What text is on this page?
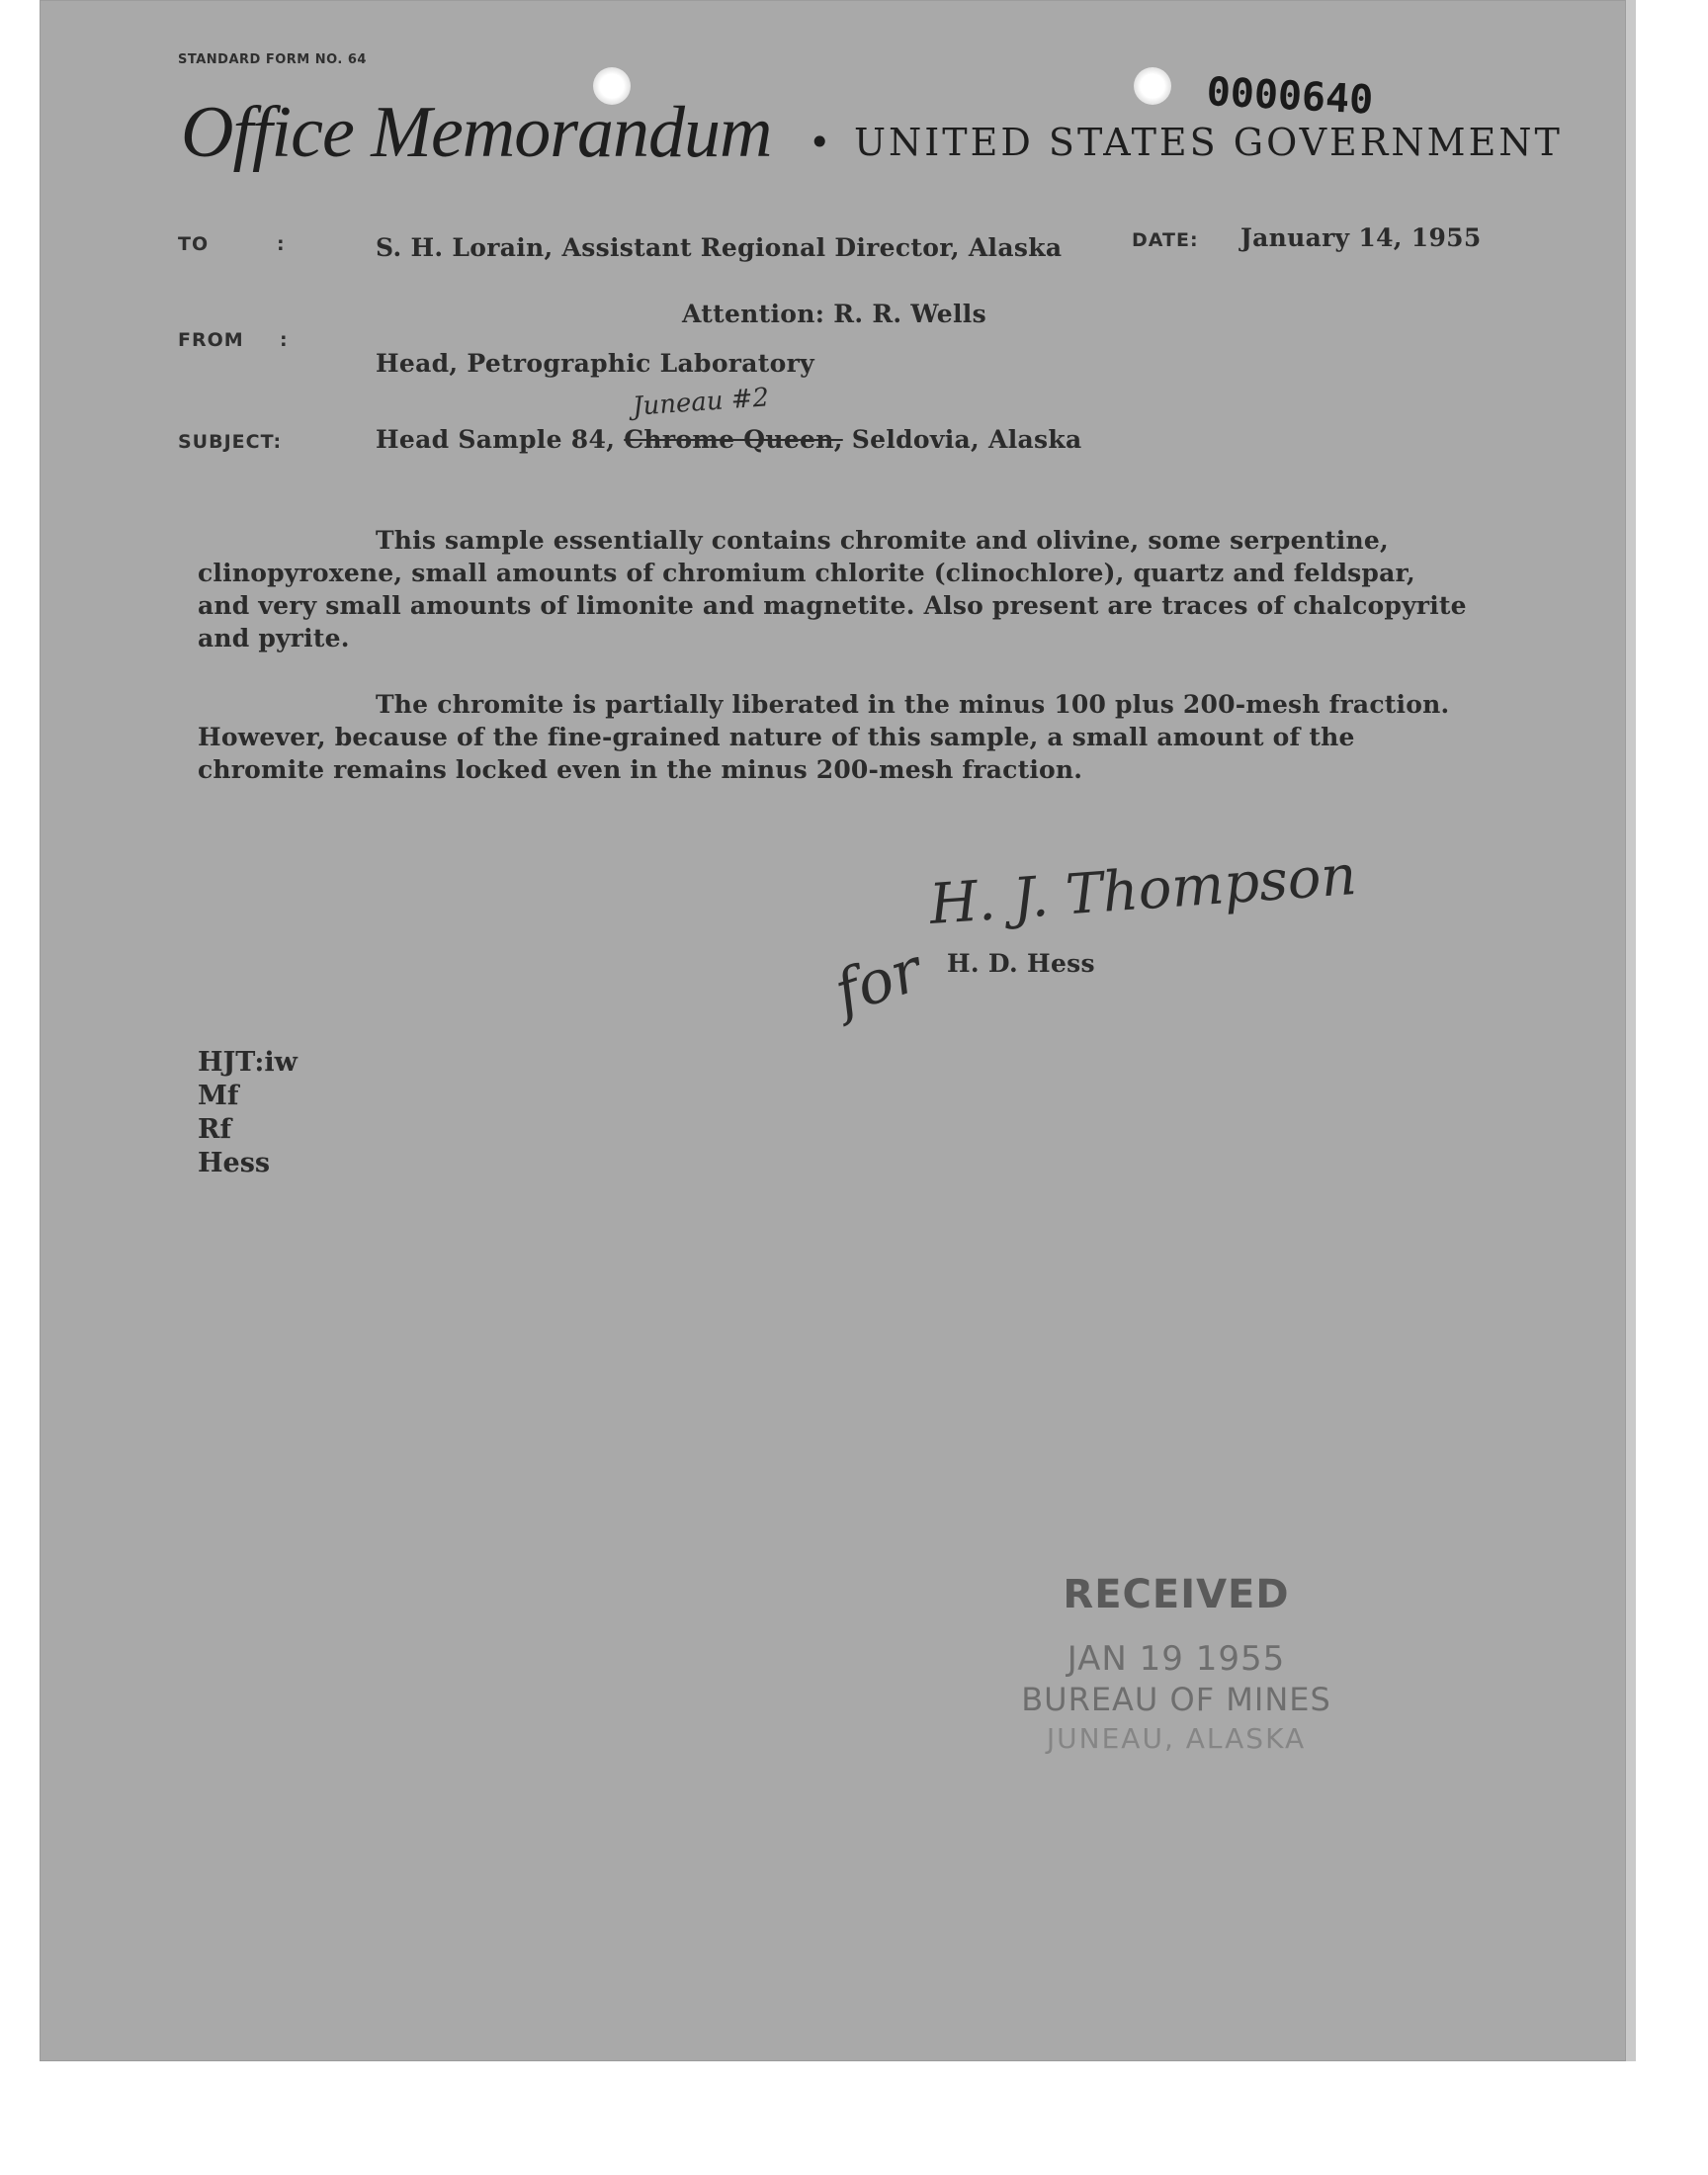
STANDARD FORM NO. 64
Office Memorandum • UNITED STATES GOVERNMENT
0000640
TO	:	S. H. Lorain, Assistant Regional Director, Alaska	DATE: January 14, 1955
Attention: R. R. Wells
FROM :
Head, Petrographic Laboratory
SUBJECT:	Head Sample 84, Chrome Queen, Seldovia, Alaska
Juneau #2
This sample essentially contains chromite and olivine, some serpentine, clinopyroxene, small amounts of chromium chlorite (clinochlore), quartz and feldspar, and very small amounts of limonite and magnetite. Also present are traces of chalcopyrite and pyrite.
The chromite is partially liberated in the minus 100 plus 200-mesh fraction. However, because of the fine-grained nature of this sample, a small amount of the chromite remains locked even in the minus 200-mesh fraction.
for
H. J. Thompson
H. D. Hess
HJT:iw
Mf
Rf
Hess
RECEIVED
JAN 19 1955
BUREAU OF MINES
JUNEAU, ALASKA
